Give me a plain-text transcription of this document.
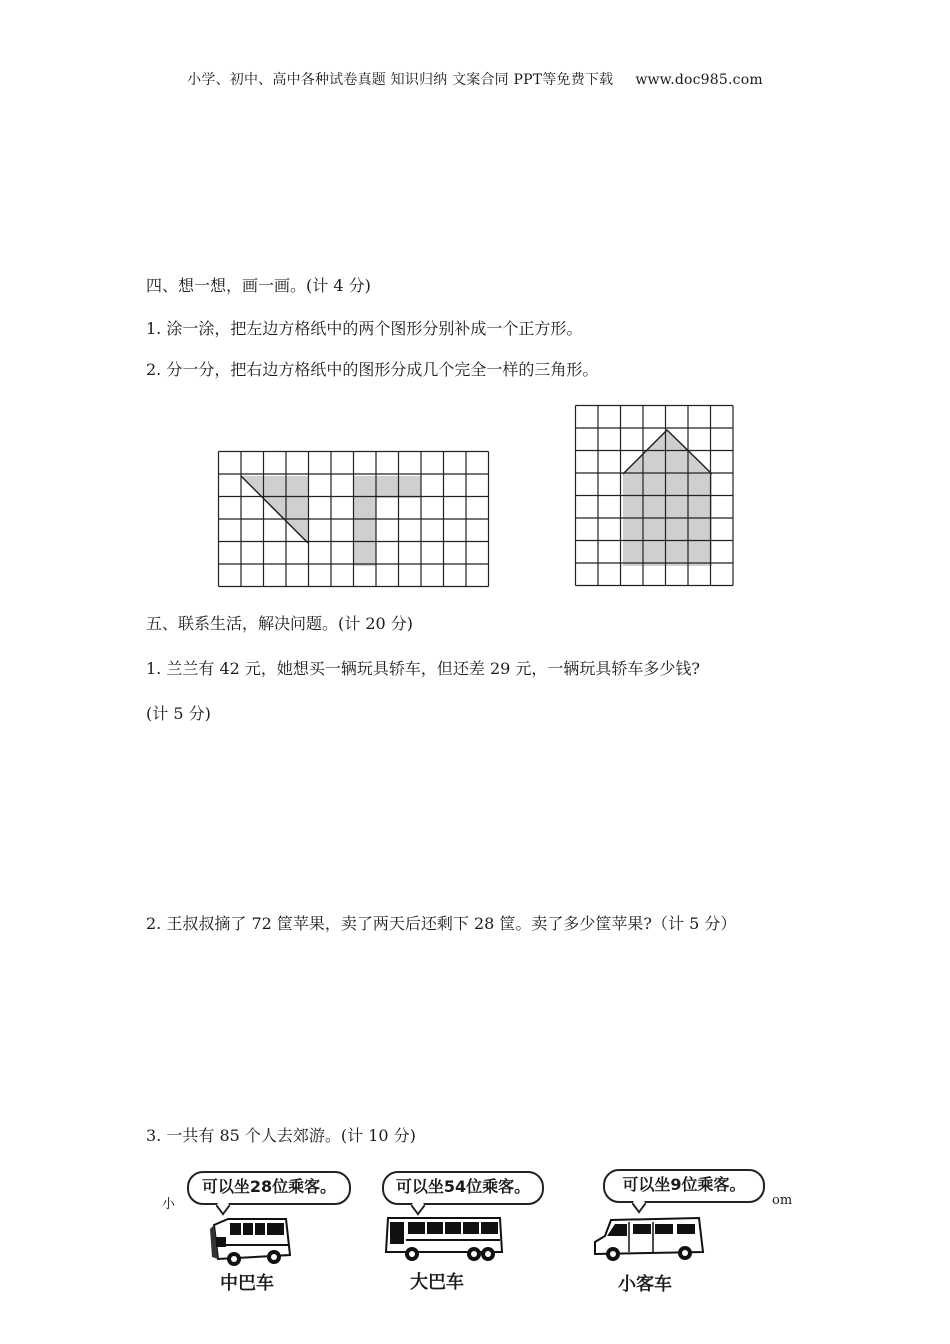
小学、初中、高中各种试卷真题 知识归纳 文案合同 PPT等免费下载 www.doc985.com
四、想一想，画一画。(计 4 分)
1. 涂一涂，把左边方格纸中的两个图形分别补成一个正方形。
2. 分一分，把右边方格纸中的图形分成几个完全一样的三角形。
五、联系生活，解决问题。(计 20 分)
1. 兰兰有 42 元，她想买一辆玩具轿车，但还差 29 元，一辆玩具轿车多少钱?
(计 5 分)
2. 王叔叔摘了 72 筐苹果，卖了两天后还剩下 28 筐。卖了多少筐苹果?（计 5 分）
3. 一共有 85 个人去郊游。(计 10 分)
小	om
可以坐28位乘客。
中巴车
可以坐54位乘客。
大巴车
可以坐9位乘客。
小客车
